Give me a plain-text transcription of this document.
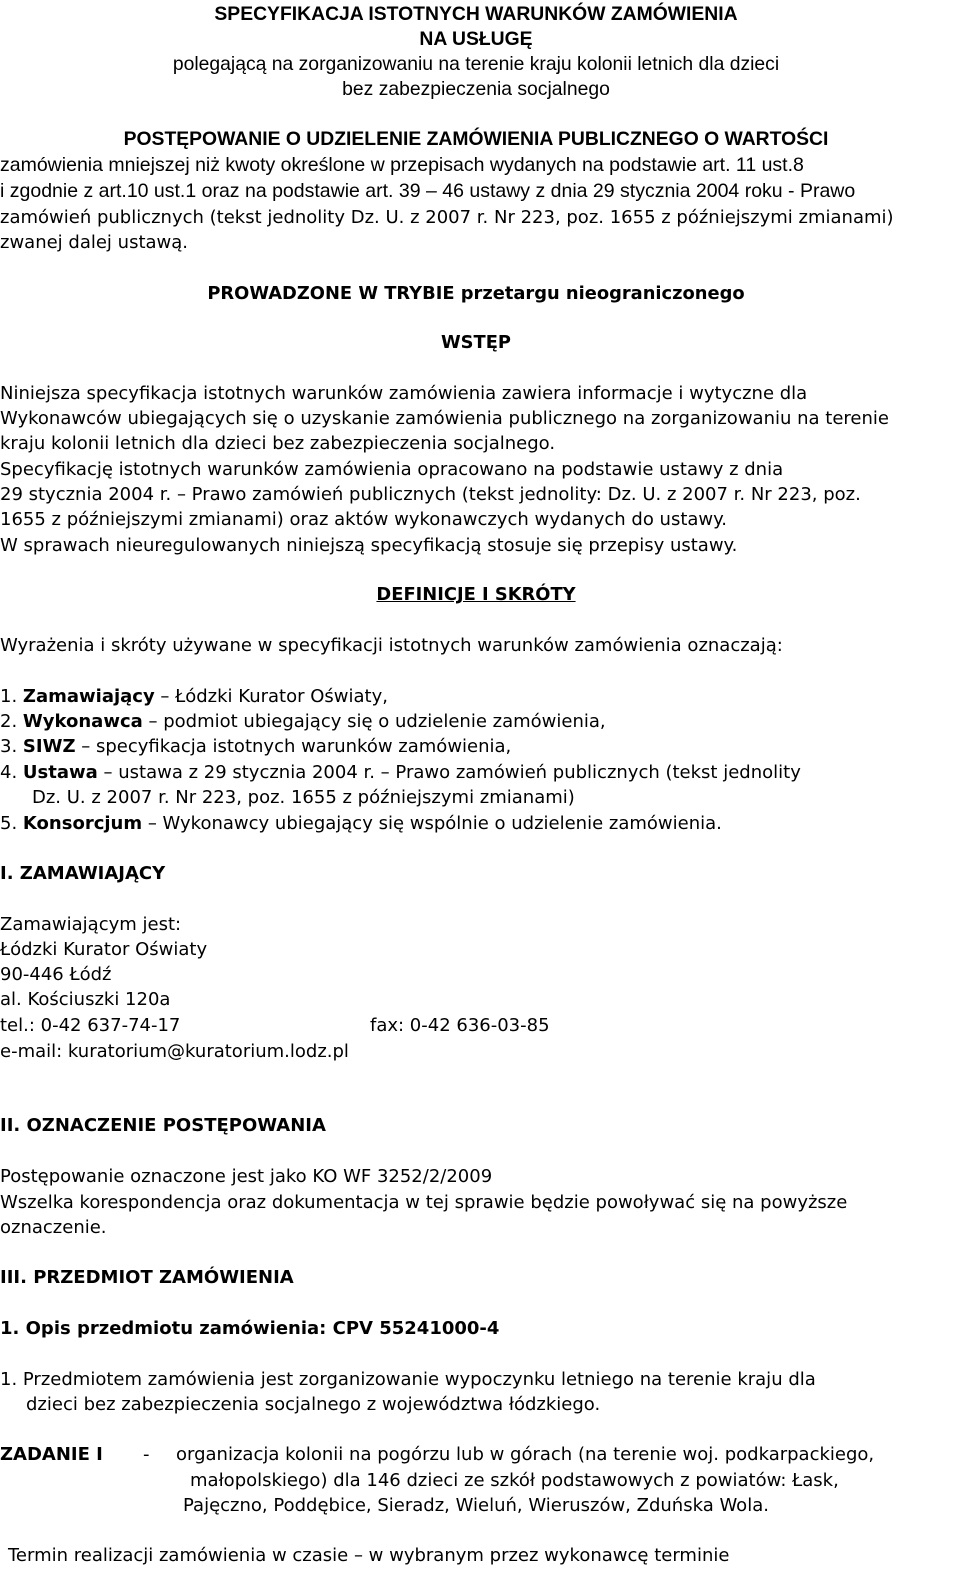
SPECYFIKACJA ISTOTNYCH WARUNKÓW ZAMÓWIENIA
NA USŁUGĘ
polegającą na zorganizowaniu na terenie kraju kolonii letnich dla dzieci
bez zabezpieczenia socjalnego
POSTĘPOWANIE O UDZIELENIE ZAMÓWIENIA PUBLICZNEGO O WARTOŚCI
zamówienia mniejszej niż kwoty określone w przepisach wydanych na podstawie art. 11 ust.8
i zgodnie z art.10 ust.1 oraz na podstawie art. 39 – 46 ustawy z dnia 29 stycznia 2004 roku - Prawo
zamówień publicznych (tekst jednolity Dz. U. z 2007 r. Nr 223, poz. 1655 z późniejszymi zmianami)
zwanej dalej ustawą.
PROWADZONE W TRYBIE przetargu nieograniczonego
WSTĘP
Niniejsza specyfikacja istotnych warunków zamówienia zawiera informacje i wytyczne dla
Wykonawców ubiegających się o uzyskanie zamówienia publicznego na zorganizowaniu na terenie
kraju kolonii letnich dla dzieci bez zabezpieczenia socjalnego.
Specyfikację istotnych warunków zamówienia opracowano na podstawie ustawy z dnia
29 stycznia 2004 r. – Prawo zamówień publicznych (tekst jednolity: Dz. U. z 2007 r. Nr 223, poz.
1655 z późniejszymi zmianami) oraz aktów wykonawczych wydanych do ustawy.
W sprawach nieuregulowanych niniejszą specyfikacją stosuje się przepisy ustawy.
DEFINICJE I SKRÓTY
Wyrażenia i skróty używane w specyfikacji istotnych warunków zamówienia oznaczają:
1. Zamawiający – Łódzki Kurator Oświaty,
2. Wykonawca – podmiot ubiegający się o udzielenie zamówienia,
3. SIWZ – specyfikacja istotnych warunków zamówienia,
4. Ustawa – ustawa z 29 stycznia 2004 r. – Prawo zamówień publicznych (tekst jednolity
Dz. U. z 2007 r. Nr 223, poz. 1655 z późniejszymi zmianami)
5. Konsorcjum – Wykonawcy ubiegający się wspólnie o udzielenie zamówienia.
I. ZAMAWIAJĄCY
Zamawiającym jest:
Łódzki Kurator Oświaty
90-446 Łódź
al. Kościuszki 120a
tel.: 0-42 637-74-17	fax: 0-42 636-03-85
e-mail: kuratorium@kuratorium.lodz.pl
II. OZNACZENIE POSTĘPOWANIA
Postępowanie oznaczone jest jako KO WF 3252/2/2009
Wszelka korespondencja oraz dokumentacja w tej sprawie będzie powoływać się na powyższe
oznaczenie.
III. PRZEDMIOT ZAMÓWIENIA
1. Opis przedmiotu zamówienia: CPV 55241000-4
1. Przedmiotem zamówienia jest zorganizowanie wypoczynku letniego na terenie kraju dla
dzieci bez zabezpieczenia socjalnego z województwa łódzkiego.
ZADANIE I - organizacja kolonii na pogórzu lub w górach (na terenie woj. podkarpackiego,
małopolskiego) dla 146 dzieci ze szkół podstawowych z powiatów: Łask,
Pajęczno, Poddębice, Sieradz, Wieluń, Wieruszów, Zduńska Wola.
Termin realizacji zamówienia w czasie – w wybranym przez wykonawcę terminie
